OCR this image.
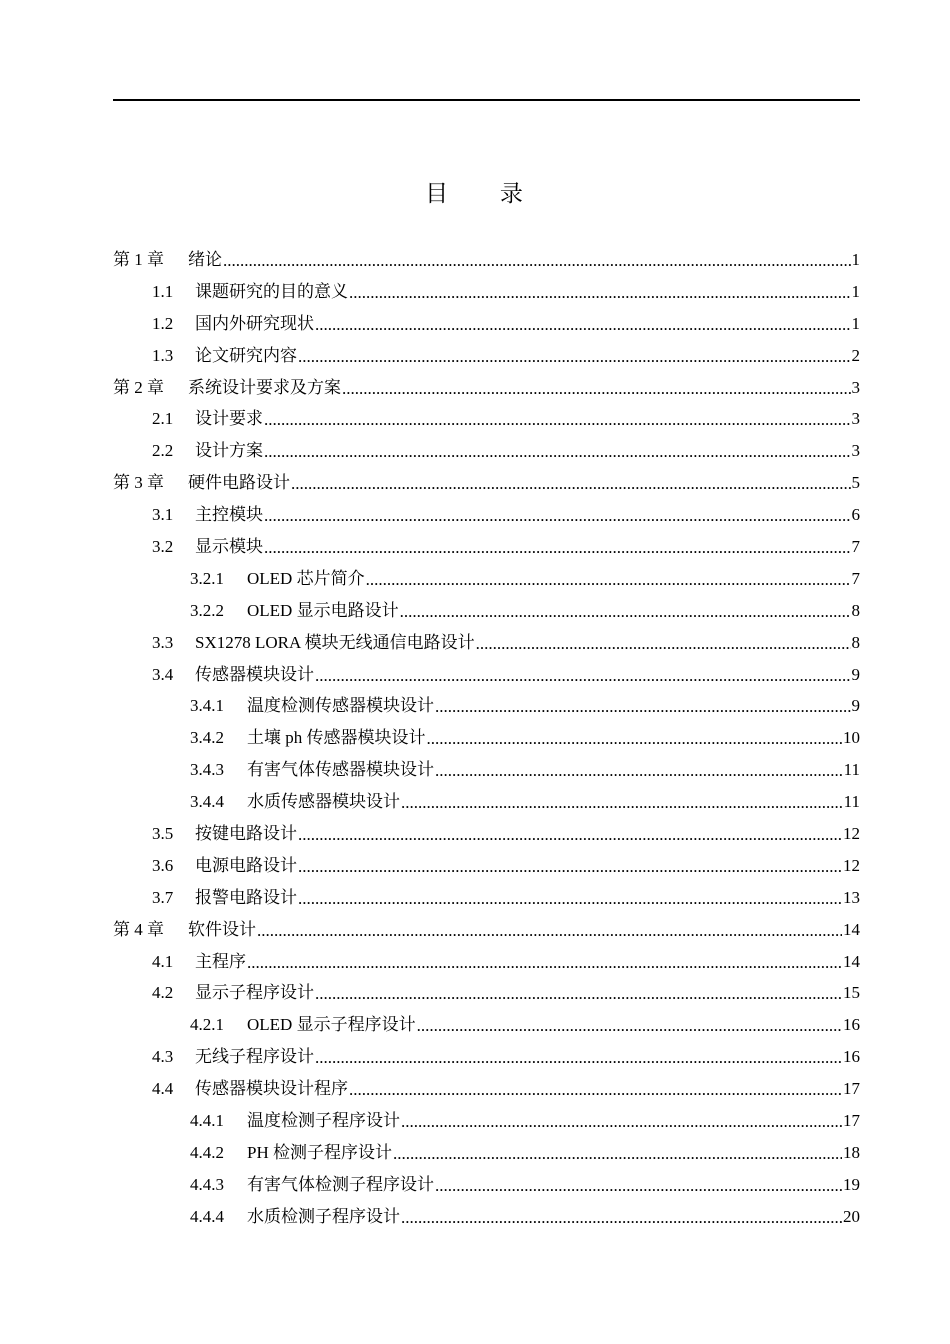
目 录
第 1 章	绪论 .....	1
1.1	课题研究的目的意义 .....	1
1.2	国内外研究现状 .....	1
1.3	论文研究内容 .....	2
第 2 章	系统设计要求及方案 .....	3
2.1	设计要求 .....	3
2.2	设计方案 .....	3
第 3 章	硬件电路设计 .....	5
3.1	主控模块 .....	6
3.2	显示模块 .....	7
3.2.1	OLED 芯片简介 .....	7
3.2.2	OLED 显示电路设计 .....	8
3.3	SX1278 LORA 模块无线通信电路设计 .....	8
3.4	传感器模块设计 .....	9
3.4.1	温度检测传感器模块设计 .....	9
3.4.2	土壤 ph 传感器模块设计 .....	10
3.4.3	有害气体传感器模块设计 .....	11
3.4.4	水质传感器模块设计 .....	11
3.5	按键电路设计 .....	12
3.6	电源电路设计 .....	12
3.7	报警电路设计 .....	13
第 4 章	软件设计 .....	14
4.1	主程序 .....	14
4.2	显示子程序设计 .....	15
4.2.1	OLED 显示子程序设计 .....	16
4.3	无线子程序设计 .....	16
4.4	传感器模块设计程序 .....	17
4.4.1	温度检测子程序设计 .....	17
4.4.2	PH 检测子程序设计 .....	18
4.4.3	有害气体检测子程序设计 .....	19
4.4.4	水质检测子程序设计 .....	20
